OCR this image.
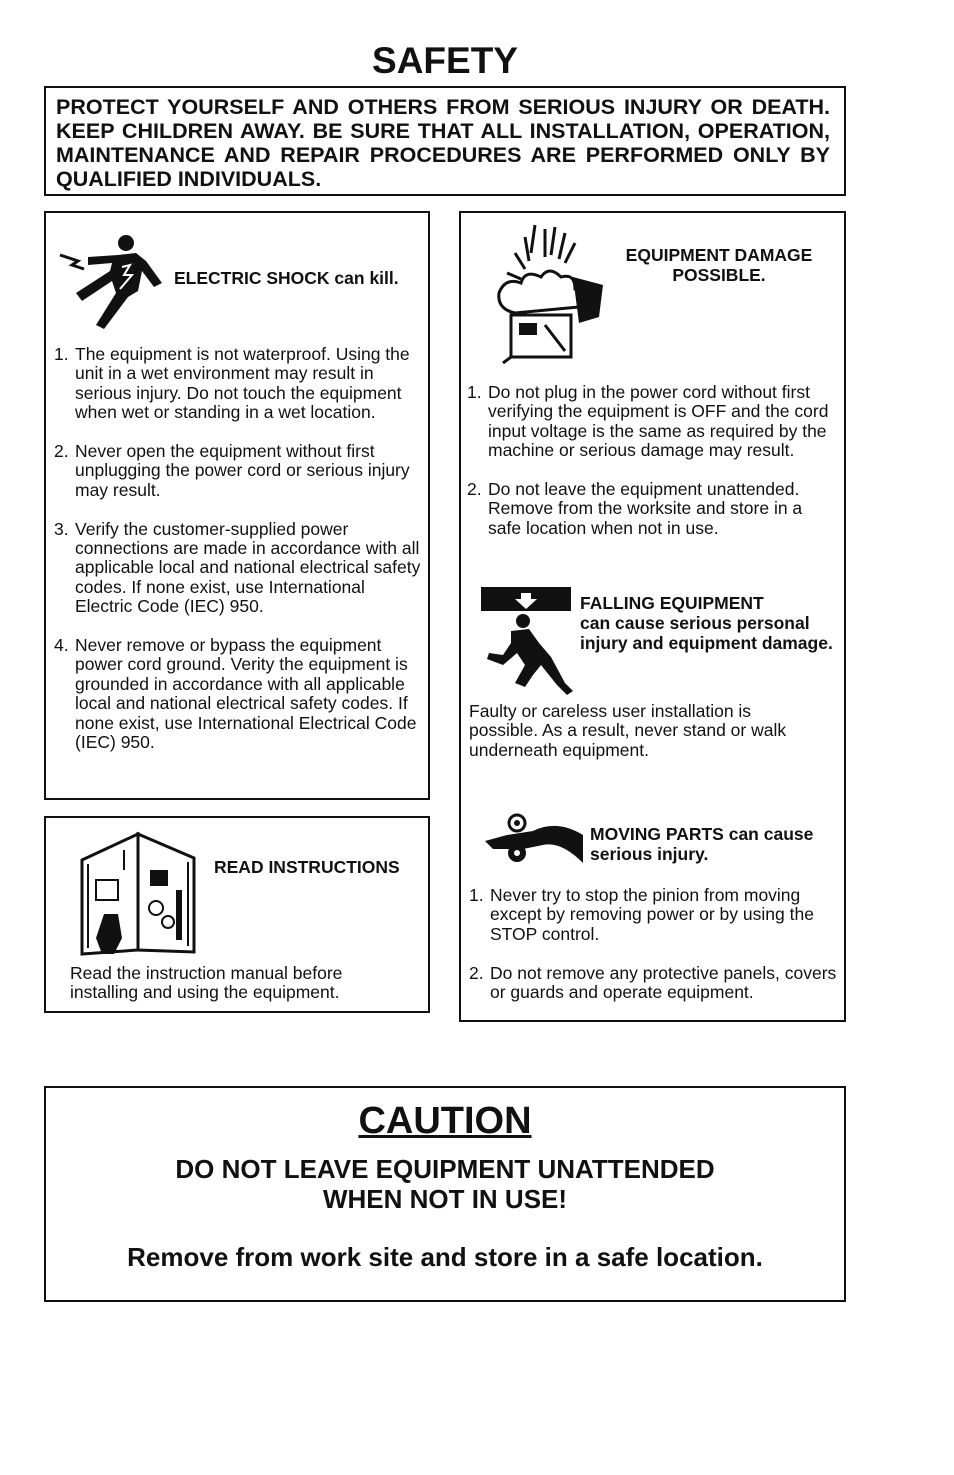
SAFETY

PROTECT YOURSELF AND OTHERS FROM SERIOUS INJURY OR DEATH. KEEP CHILDREN AWAY. BE SURE THAT ALL INSTALLATION, OPERATION, MAINTENANCE AND REPAIR PROCEDURES ARE PERFORMED ONLY BY QUALIFIED INDIVIDUALS.

ELECTRIC SHOCK can kill.
1. The equipment is not waterproof. Using the unit in a wet environment may result in serious injury. Do not touch the equipment when wet or standing in a wet location.
2. Never open the equipment without first unplugging the power cord or serious injury may result.
3. Verify the customer-supplied power connections are made in accordance with all applicable local and national electrical safety codes. If none exist, use International Electric Code (IEC) 950.
4. Never remove or bypass the equipment power cord ground. Verity the equipment is grounded in accordance with all applicable local and national electrical safety codes. If none exist, use International Electrical Code (IEC) 950.
READ INSTRUCTIONS
Read the instruction manual before installing and using the equipment.
EQUIPMENT DAMAGE
POSSIBLE.
1. Do not plug in the power cord without first verifying the equipment is OFF and the cord input voltage is the same as required by the machine or serious damage may result.
2. Do not leave the equipment unattended. Remove from the worksite and store in a safe location when not in use.
FALLING EQUIPMENT
can cause serious personal injury and equipment damage.
Faulty or careless user installation is possible. As a result, never stand or walk underneath equipment.
MOVING PARTS can cause serious injury.
1. Never try to stop the pinion from moving except by removing power or by using the STOP control.
2. Do not remove any protective panels, covers or guards and operate equipment.
CAUTION
DO NOT LEAVE EQUIPMENT UNATTENDED
WHEN NOT IN USE!
Remove from work site and store in a safe location.
